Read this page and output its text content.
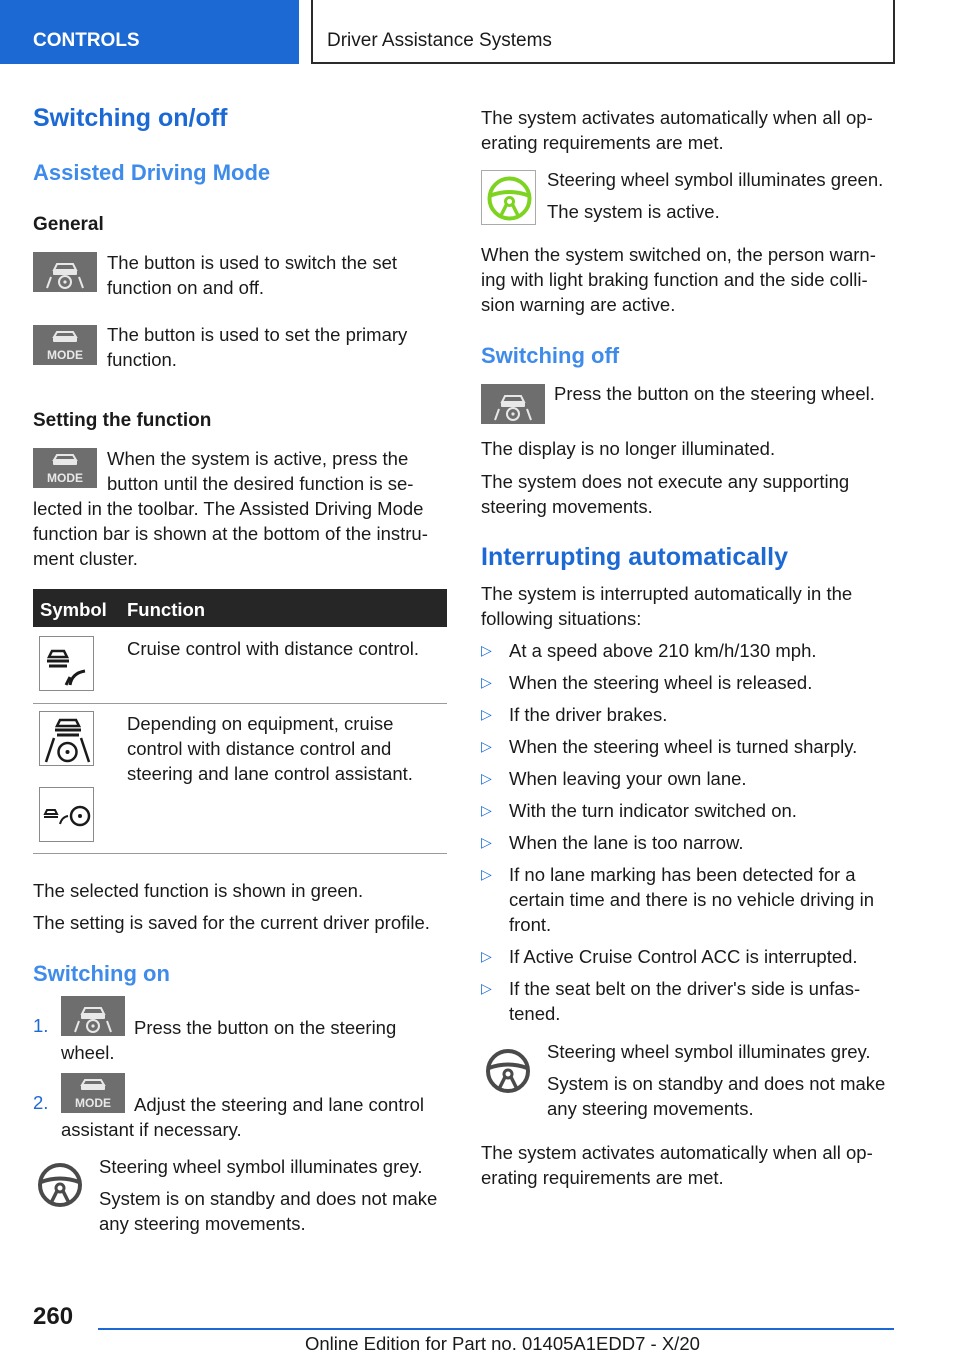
CONTROLS	Driver Assistance Systems
Switching on/off
Assisted Driving Mode
General
The button is used to switch the set
function on and off.
MODE
The button is used to set the primary
function.
Setting the function
MODE
When the system is active, press the
button until the desired function is se-
lected in the toolbar. The Assisted Driving Mode
function bar is shown at the bottom of the instru-
ment cluster.
Symbol Function
Cruise control with distance control.
Depending on equipment, cruise
control with distance control and
steering and lane control assistant.
The selected function is shown in green.
The setting is saved for the current driver profile.
Switching on
1.	Press the button on the steering
wheel.
2. MODE Adjust the steering and lane control
assistant if necessary.
Steering wheel symbol illuminates grey.
System is on standby and does not make
any steering movements.
The system activates automatically when all op-
erating requirements are met.
Steering wheel symbol illuminates green.
The system is active.
When the system switched on, the person warn-
ing with light braking function and the side colli-
sion warning are active.
Switching off
Press the button on the steering wheel.
The display is no longer illuminated.
The system does not execute any supporting
steering movements.
Interrupting automatically
The system is interrupted automatically in the
following situations:
▷ At a speed above 210 km/h/130 mph.
▷ When the steering wheel is released.
▷ If the driver brakes.
▷ When the steering wheel is turned sharply.
▷ When leaving your own lane.
▷ With the turn indicator switched on.
▷ When the lane is too narrow.
▷ If no lane marking has been detected for a
certain time and there is no vehicle driving in
front.
▷ If Active Cruise Control ACC is interrupted.
▷ If the seat belt on the driver's side is unfas-
tened.
Steering wheel symbol illuminates grey.
System is on standby and does not make
any steering movements.
The system activates automatically when all op-
erating requirements are met.
260
Online Edition for Part no. 01405A1EDD7 - X/20
